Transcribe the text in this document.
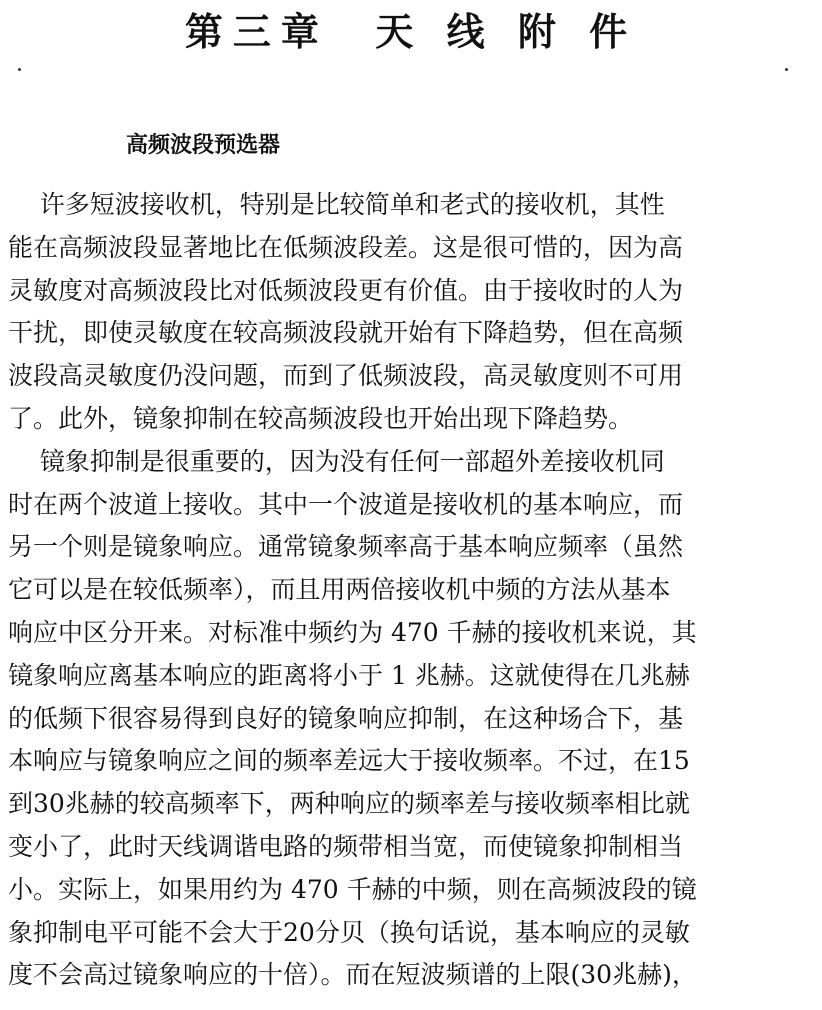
第三章  天 线 附 件
高频波段预选器
许多短波接收机，特别是比较简单和老式的接收机，其性
能在高频波段显著地比在低频波段差。这是很可惜的，因为高
灵敏度对高频波段比对低频波段更有价值。由于接收时的人为
干扰，即使灵敏度在较高频波段就开始有下降趋势，但在高频
波段高灵敏度仍没问题，而到了低频波段，高灵敏度则不可用
了。此外，镜象抑制在较高频波段也开始出现下降趋势。
镜象抑制是很重要的，因为没有任何一部超外差接收机同
时在两个波道上接收。其中一个波道是接收机的基本响应，而
另一个则是镜象响应。通常镜象频率高于基本响应频率（虽然
它可以是在较低频率），而且用两倍接收机中频的方法从基本
响应中区分开来。对标准中频约为 470 千赫的接收机来说，其
镜象响应离基本响应的距离将小于 1 兆赫。这就使得在几兆赫
的低频下很容易得到良好的镜象响应抑制，在这种场合下，基
本响应与镜象响应之间的频率差远大于接收频率。不过，在15
到30兆赫的较高频率下，两种响应的频率差与接收频率相比就
变小了，此时天线调谐电路的频带相当宽，而使镜象抑制相当
小。实际上，如果用约为 470 千赫的中频，则在高频波段的镜
象抑制电平可能不会大于20分贝（换句话说，基本响应的灵敏
度不会高过镜象响应的十倍）。而在短波频谱的上限(30兆赫)，
